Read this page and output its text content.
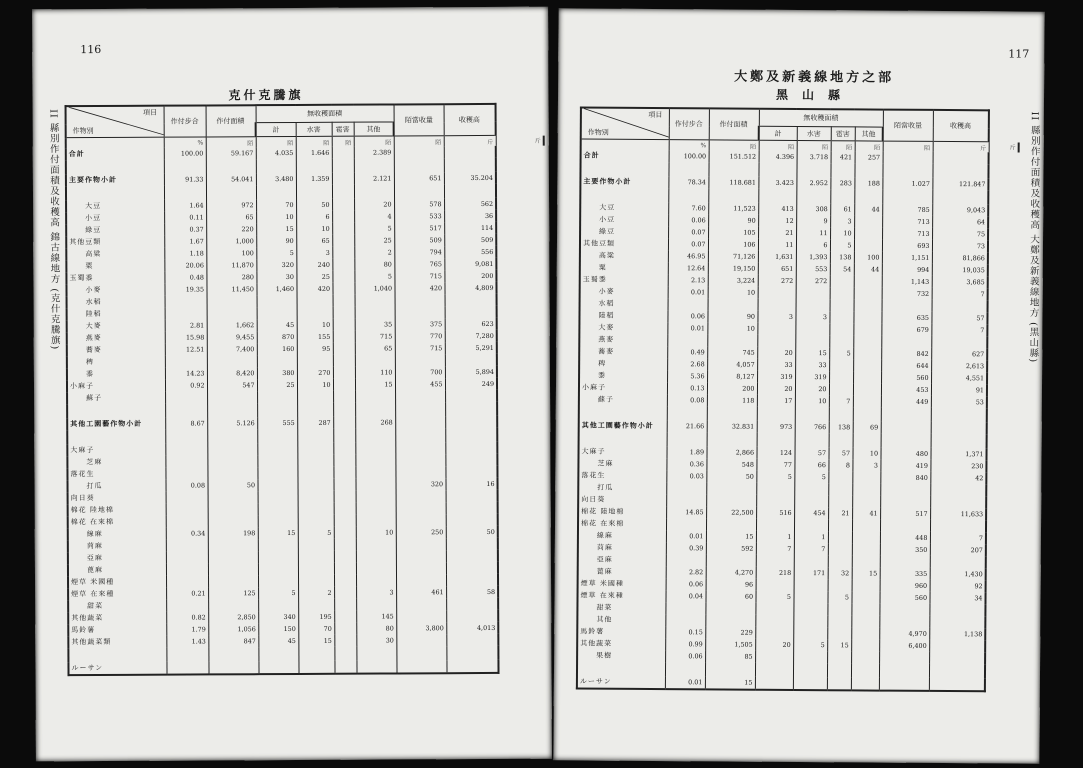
116
克什克騰旗
II 縣別作付面積及收穫高 錦古線地方 (克什克騰旗)	項目
作物別	作付步合	作付面積	無收穫面積				陌當收量	收穫高	
			計	水害	雹害	其他			
	%	陌	陌	陌	陌	陌	陌	斤	斤
合計	100.00	59.167	4.035	1.646		2.389			

主要作物小計	91.33	54.041	3.480	1.359		2.121	651	35.204	

大豆	1.64	972	70	50		20	578	562	
小豆	0.11	65	10	6		4	533	36	
綠豆	0.37	220	15	10		5	517	114	
其他豆類	1.67	1,000	90	65		25	509	509	
高粱	1.18	100	5	3		2	794	556	
粟	20.06	11,870	320	240		80	765	9,081	
玉蜀黍	0.48	280	30	25		5	715	200	
小麥	19.35	11,450	1,460	420		1,040	420	4,809	
水稻									
陸稻									
大麥	2.81	1,662	45	10		35	375	623	
燕麥	15.98	9,455	870	155		715	770	7,280	
蕎麥	12.51	7,400	160	95		65	715	5,291	
稗									
黍	14.23	8,420	380	270		110	700	5,894	
小麻子	0.92	547	25	10		15	455	249	
蘇子									

其他工園藝作物小計	8.67	5.126	555	287		268			

大麻子									
芝麻									
落花生									
打瓜	0.08	50					320	16	
向日葵									
棉花 陸地棉									
棉花 在來棉									
線麻	0.34	198	15	5		10	250	50	
苘麻									
亞麻									
蓖麻									
煙草 米國種									
煙草 在來種	0.21	125	5	2		3	461	58	
甜菜									
其他蔬菜	0.82	2,850	340	195		145			
馬鈴薯	1.79	1,056	150	70		80	3,800	4,013	
其他蔬菜類	1.43	847	45	15		30			

ルーサン									
117
大鄭及新義線地方之部
黑山縣
II 縣別作付面積及收穫高 大鄭及新義線地方 (黑山縣)
項目
作物別	作付步合	作付面積	無收穫面積				陌當收量	收穫高	
			計	水害	雹害	其他			
	%	陌	陌	陌	陌	陌	陌	斤	斤
合計	100.00	151.512	4.396	3.718	421	257			

主要作物小計	78.34	118.681	3.423	2.952	283	188	1.027	121.847	

大豆	7.60	11,523	413	308	61	44	785	9,043	
小豆	0.06	90	12	9	3		713	64	
綠豆	0.07	105	21	11	10		713	75	
其他豆類	0.07	106	11	6	5		693	73	
高粱	46.95	71,126	1,631	1,393	138	100	1,151	81,866	
粟	12.64	19,150	651	553	54	44	994	19,035	
玉蜀黍	2.13	3,224	272	272			1,143	3,685	
小麥	0.01	10					732	7	
水稻									
陸稻	0.06	90	3	3			635	57	
大麥	0.01	10					679	7	
燕麥									
蕎麥	0.49	745	20	15	5		842	627	
稗	2.68	4,057	33	33			644	2,613	
黍	5.36	8,127	319	319			560	4,551	
小麻子	0.13	200	20	20			453	91	
蘇子	0.08	118	17	10	7		449	53	

其他工園藝作物小計	21.66	32.831	973	766	138	69			

大麻子	1.89	2,866	124	57	57	10	480	1,371	
芝麻	0.36	548	77	66	8	3	419	230	
落花生	0.03	50	5	5			840	42	
打瓜									
向日葵									
棉花 陸地棉	14.85	22,500	516	454	21	41	517	11,633	
棉花 在來棉									
線麻	0.01	15	1	1			448	7	
苘麻	0.39	592	7	7			350	207	
亞麻									
蓖麻	2.82	4,270	218	171	32	15	335	1,430	
煙草 米國種	0.06	96					960	92	
煙草 在來種	0.04	60	5		5		560	34	
甜菜									
其他									
馬鈴薯	0.15	229					4,970	1,138	
其他蔬菜	0.99	1,505	20	5	15		6,400		
果樹	0.06	85							

ルーサン	0.01	15							
